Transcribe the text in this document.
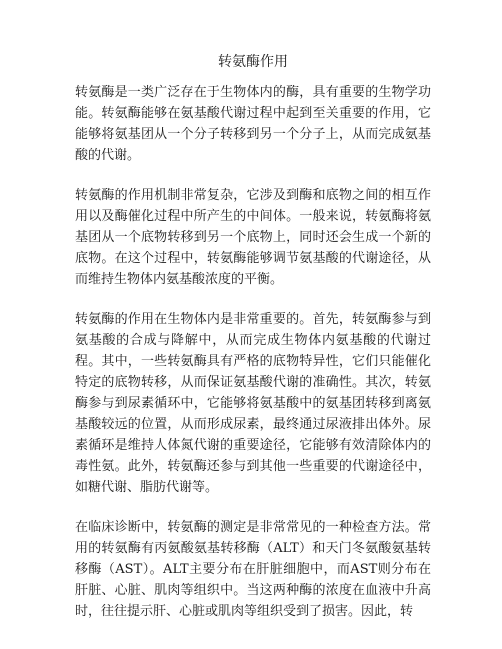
转氨酶作用

转氨酶是一类广泛存在于生物体内的酶，具有重要的生物学功能。转氨酶能够在氨基酸代谢过程中起到至关重要的作用，它能够将氨基团从一个分子转移到另一个分子上，从而完成氨基酸的代谢。

转氨酶的作用机制非常复杂，它涉及到酶和底物之间的相互作用以及酶催化过程中所产生的中间体。一般来说，转氨酶将氨基团从一个底物转移到另一个底物上，同时还会生成一个新的底物。在这个过程中，转氨酶能够调节氨基酸的代谢途径，从而维持生物体内氨基酸浓度的平衡。

转氨酶的作用在生物体内是非常重要的。首先，转氨酶参与到氨基酸的合成与降解中，从而完成生物体内氨基酸的代谢过程。其中，一些转氨酶具有严格的底物特异性，它们只能催化特定的底物转移，从而保证氨基酸代谢的准确性。其次，转氨酶参与到尿素循环中，它能够将氨基酸中的氨基团转移到离氨基酸较远的位置，从而形成尿素，最终通过尿液排出体外。尿素循环是维持人体氮代谢的重要途径，它能够有效清除体内的毒性氨。此外，转氨酶还参与到其他一些重要的代谢途径中，如糖代谢、脂肪代谢等。

在临床诊断中，转氨酶的测定是非常常见的一种检查方法。常用的转氨酶有丙氨酸氨基转移酶（ALT）和天门冬氨酸氨基转移酶（AST）。ALT主要分布在肝脏细胞中，而AST则分布在肝脏、心脏、肌肉等组织中。当这两种酶的浓度在血液中升高时，往往提示肝、心脏或肌肉等组织受到了损害。因此，转
